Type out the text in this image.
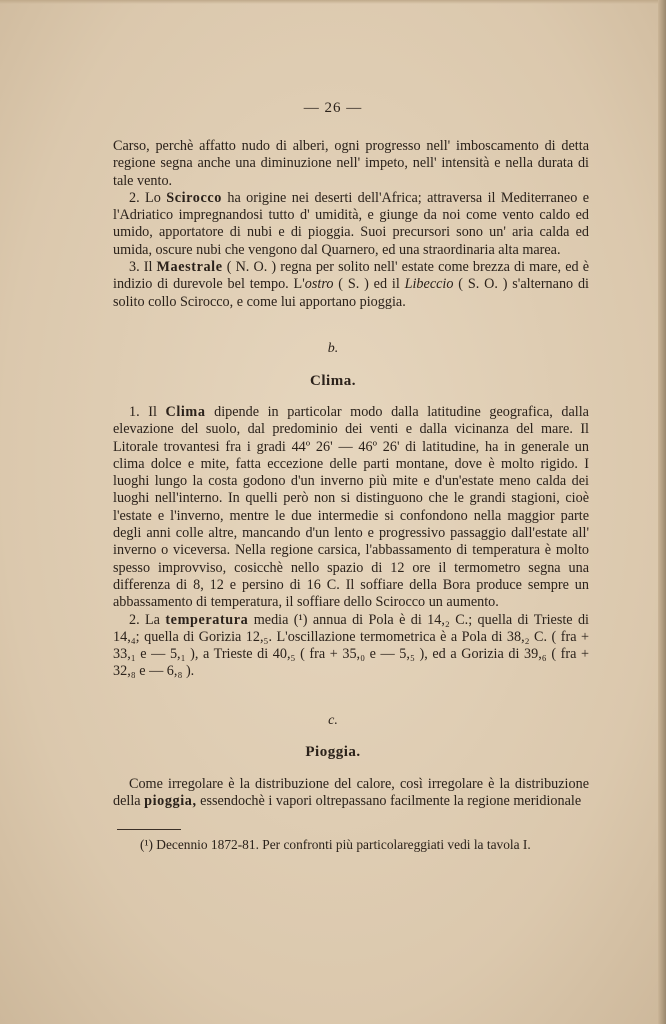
— 26 —

Carso, perchè affatto nudo di alberi, ogni progresso nell' imboscamento di detta regione segna anche una diminuzione nell' impeto, nell' intensità e nella durata di tale vento.

2. Lo Scirocco ha origine nei deserti dell'Africa; attraversa il Mediterraneo e l'Adriatico impregnandosi tutto d' umidità, e giunge da noi come vento caldo ed umido, apportatore di nubi e di pioggia. Suoi precursori sono un' aria calda ed umida, oscure nubi che vengono dal Quarnero, ed una straordinaria alta marea.

3. Il Maestrale ( N. O. ) regna per solito nell' estate come brezza di mare, ed è indizio di durevole bel tempo. L'ostro ( S. ) ed il Libeccio ( S. O. ) s'alternano di solito collo Scirocco, e come lui apportano pioggia.

b.
Clima.

1. Il Clima dipende in particolar modo dalla latitudine geografica, dalla elevazione del suolo, dal predominio dei venti e dalla vicinanza del mare. Il Litorale trovantesi fra i gradi 44º 26' — 46º 26' di latitudine, ha in generale un clima dolce e mite, fatta eccezione delle parti montane, dove è molto rigido. I luoghi lungo la costa godono d'un inverno più mite e d'un'estate meno calda dei luoghi nell'interno. In quelli però non si distinguono che le grandi stagioni, cioè l'estate e l'inverno, mentre le due intermedie si confondono nella maggior parte degli anni colle altre, mancando d'un lento e progressivo passaggio dall'estate all' inverno o viceversa. Nella regione carsica, l'abbassamento di temperatura è molto spesso improvviso, cosicchè nello spazio di 12 ore il termometro segna una differenza di 8, 12 e persino di 16 C. Il soffiare della Bora produce sempre un abbassamento di temperatura, il soffiare dello Scirocco un aumento.

2. La temperatura media (¹) annua di Pola è di 14,₂ C.; quella di Trieste di 14,₄; quella di Gorizia 12,₅. L'oscillazione termometrica è a Pola di 38,₂ C. ( fra + 33,₁ e — 5,₁ ), a Trieste di 40,₅ ( fra + 35,₀ e — 5,₅ ), ed a Gorizia di 39,₆ ( fra + 32,₈ e — 6,₈ ).

c.
Pioggia.

Come irregolare è la distribuzione del calore, così irregolare è la distribuzione della pioggia, essendochè i vapori oltrepassano facilmente la regione meridionale

(¹) Decennio 1872-81. Per confronti più particolareggiati vedi la tavola I.
